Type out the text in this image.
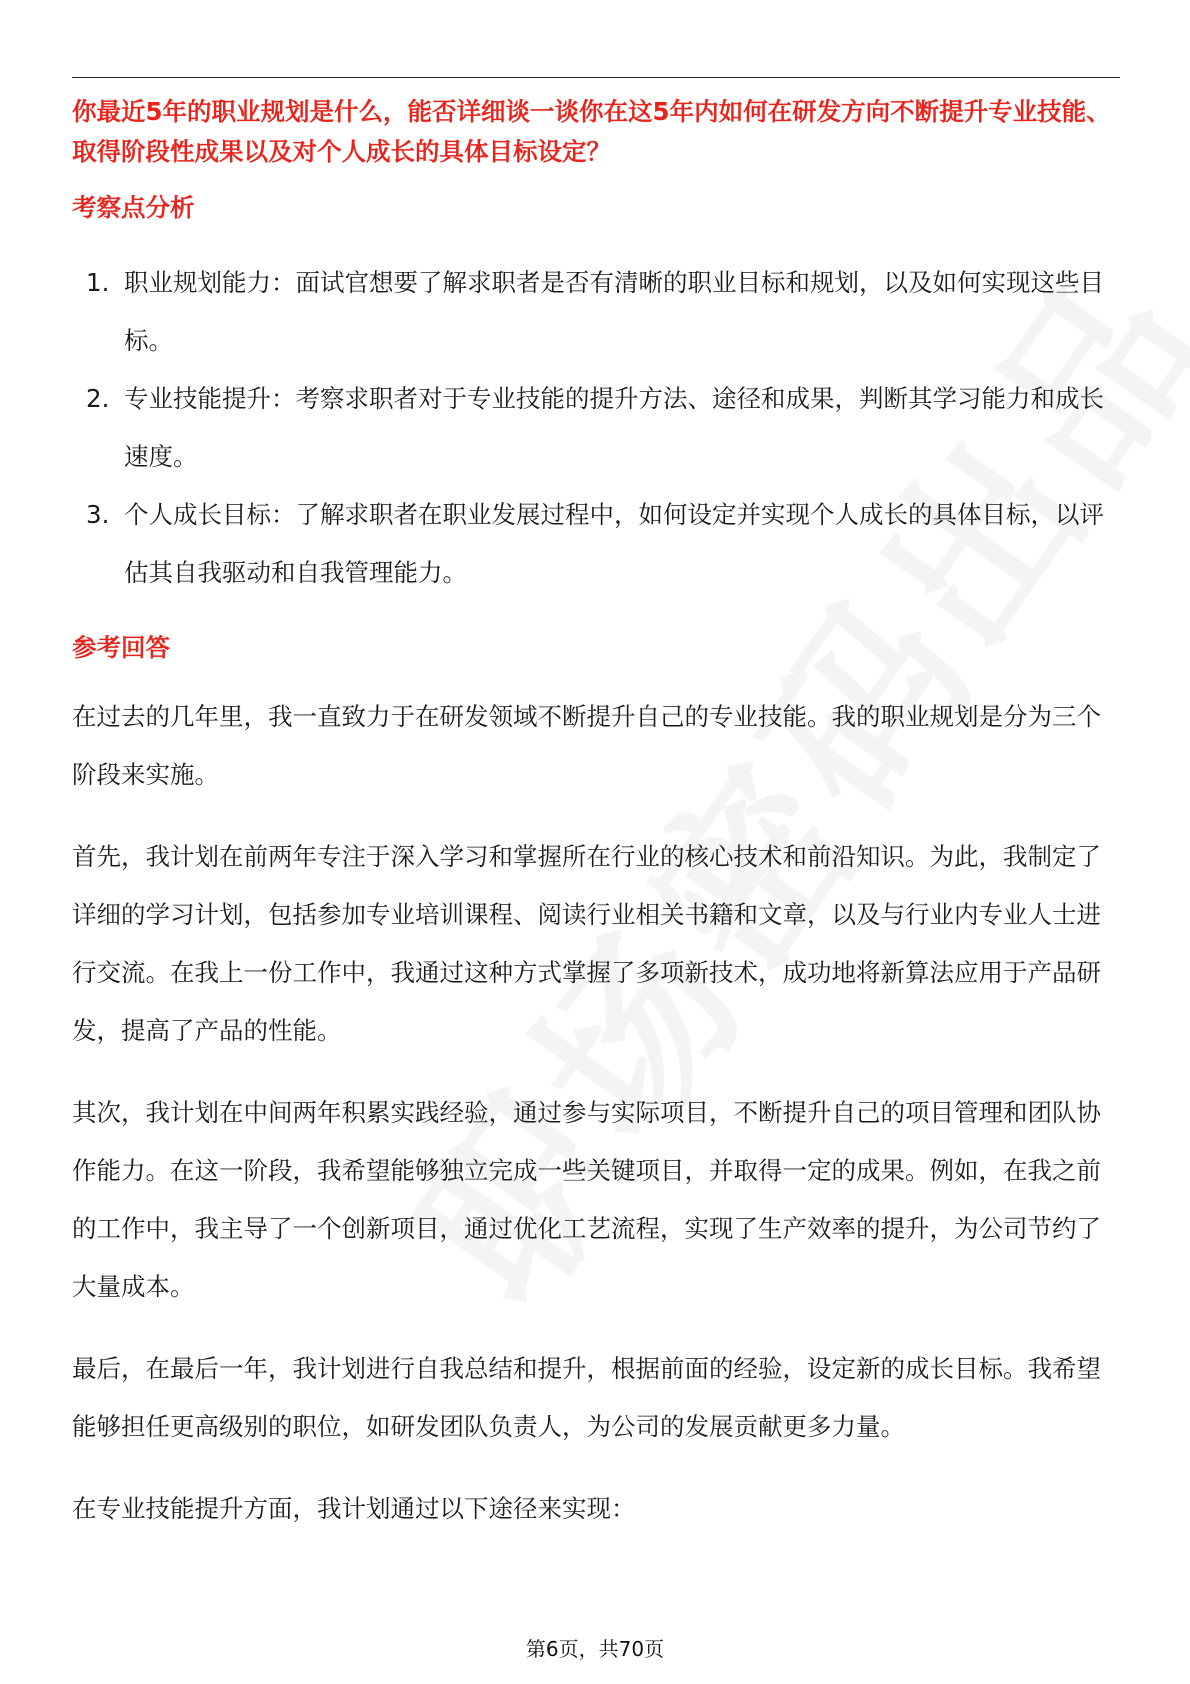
你最近5年的职业规划是什么，能否详细谈一谈你在这5年内如何在研发方向不断提升专业技能、取得阶段性成果以及对个人成长的具体目标设定？

考察点分析

1. 职业规划能力：面试官想要了解求职者是否有清晰的职业目标和规划，以及如何实现这些目标。
2. 专业技能提升：考察求职者对于专业技能的提升方法、途径和成果，判断其学习能力和成长速度。
3. 个人成长目标：了解求职者在职业发展过程中，如何设定并实现个人成长的具体目标，以评估其自我驱动和自我管理能力。

参考回答

在过去的几年里，我一直致力于在研发领域不断提升自己的专业技能。我的职业规划是分为三个阶段来实施。

首先，我计划在前两年专注于深入学习和掌握所在行业的核心技术和前沿知识。为此，我制定了详细的学习计划，包括参加专业培训课程、阅读行业相关书籍和文章，以及与行业内专业人士进行交流。在我上一份工作中，我通过这种方式掌握了多项新技术，成功地将新算法应用于产品研发，提高了产品的性能。

其次，我计划在中间两年积累实践经验，通过参与实际项目，不断提升自己的项目管理和团队协作能力。在这一阶段，我希望能够独立完成一些关键项目，并取得一定的成果。例如，在我之前的工作中，我主导了一个创新项目，通过优化工艺流程，实现了生产效率的提升，为公司节约了大量成本。

最后，在最后一年，我计划进行自我总结和提升，根据前面的经验，设定新的成长目标。我希望能够担任更高级别的职位，如研发团队负责人，为公司的发展贡献更多力量。

在专业技能提升方面，我计划通过以下途径来实现：

第6页，共70页
